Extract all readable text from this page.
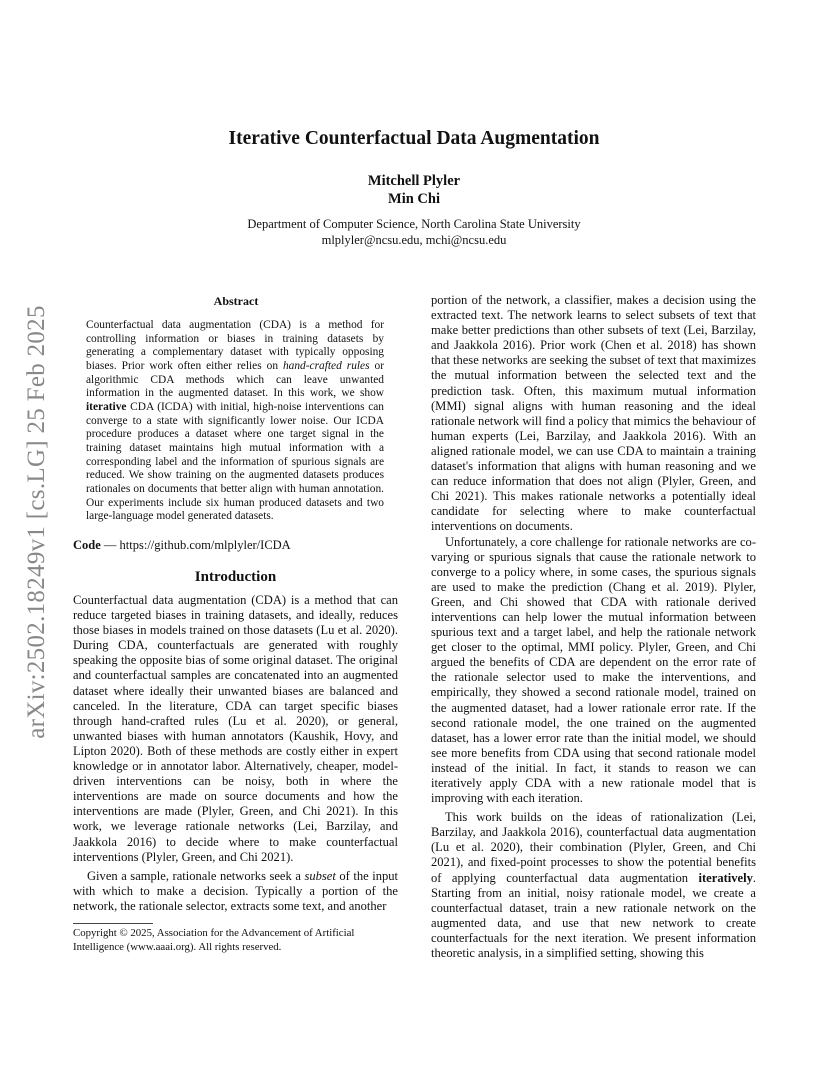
Iterative Counterfactual Data Augmentation
Mitchell Plyler
Min Chi
Department of Computer Science, North Carolina State University
mlplyler@ncsu.edu, mchi@ncsu.edu
arXiv:2502.18249v1 [cs.LG] 25 Feb 2025
Abstract
Counterfactual data augmentation (CDA) is a method for controlling information or biases in training datasets by generating a complementary dataset with typically opposing biases. Prior work often either relies on hand-crafted rules or algorithmic CDA methods which can leave unwanted information in the augmented dataset. In this work, we show iterative CDA (ICDA) with initial, high-noise interventions can converge to a state with significantly lower noise. Our ICDA procedure produces a dataset where one target signal in the training dataset maintains high mutual information with a corresponding label and the information of spurious signals are reduced. We show training on the augmented datasets produces rationales on documents that better align with human annotation. Our experiments include six human produced datasets and two large-language model generated datasets.
Code — https://github.com/mlplyler/ICDA
Introduction

Counterfactual data augmentation (CDA) is a method that can reduce targeted biases in training datasets, and ideally, reduces those biases in models trained on those datasets (Lu et al. 2020). During CDA, counterfactuals are generated with roughly speaking the opposite bias of some original dataset. The original and counterfactual samples are concatenated into an augmented dataset where ideally their unwanted biases are balanced and canceled. In the literature, CDA can target specific biases through hand-crafted rules (Lu et al. 2020), or general, unwanted biases with human annotators (Kaushik, Hovy, and Lipton 2020). Both of these methods are costly either in expert knowledge or in annotator labor. Alternatively, cheaper, model-driven interventions can be noisy, both in where the interventions are made on source documents and how the interventions are made (Plyler, Green, and Chi 2021). In this work, we leverage rationale networks (Lei, Barzilay, and Jaakkola 2016) to decide where to make counterfactual interventions (Plyler, Green, and Chi 2021).

Given a sample, rationale networks seek a subset of the input with which to make a decision. Typically a portion of the network, the rationale selector, extracts some text, and another

Copyright © 2025, Association for the Advancement of Artificial Intelligence (www.aaai.org). All rights reserved.

portion of the network, a classifier, makes a decision using the extracted text. The network learns to select subsets of text that make better predictions than other subsets of text (Lei, Barzilay, and Jaakkola 2016). Prior work (Chen et al. 2018) has shown that these networks are seeking the subset of text that maximizes the mutual information between the selected text and the prediction task. Often, this maximum mutual information (MMI) signal aligns with human reasoning and the ideal rationale network will find a policy that mimics the behaviour of human experts (Lei, Barzilay, and Jaakkola 2016). With an aligned rationale model, we can use CDA to maintain a training dataset's information that aligns with human reasoning and we can reduce information that does not align (Plyler, Green, and Chi 2021). This makes rationale networks a potentially ideal candidate for selecting where to make counterfactual interventions on documents.

Unfortunately, a core challenge for rationale networks are co-varying or spurious signals that cause the rationale network to converge to a policy where, in some cases, the spurious signals are used to make the prediction (Chang et al. 2019). Plyler, Green, and Chi showed that CDA with rationale derived interventions can help lower the mutual information between spurious text and a target label, and help the rationale network get closer to the optimal, MMI policy. Plyler, Green, and Chi argued the benefits of CDA are dependent on the error rate of the rationale selector used to make the interventions, and empirically, they showed a second rationale model, trained on the augmented dataset, had a lower rationale error rate. If the second rationale model, the one trained on the augmented dataset, has a lower error rate than the initial model, we should see more benefits from CDA using that second rationale model instead of the initial. In fact, it stands to reason we can iteratively apply CDA with a new rationale model that is improving with each iteration.

This work builds on the ideas of rationalization (Lei, Barzilay, and Jaakkola 2016), counterfactual data augmentation (Lu et al. 2020), their combination (Plyler, Green, and Chi 2021), and fixed-point processes to show the potential benefits of applying counterfactual data augmentation iteratively. Starting from an initial, noisy rationale model, we create a counterfactual dataset, train a new rationale network on the augmented data, and use that new network to create counterfactuals for the next iteration. We present information theoretic analysis, in a simplified setting, showing this
